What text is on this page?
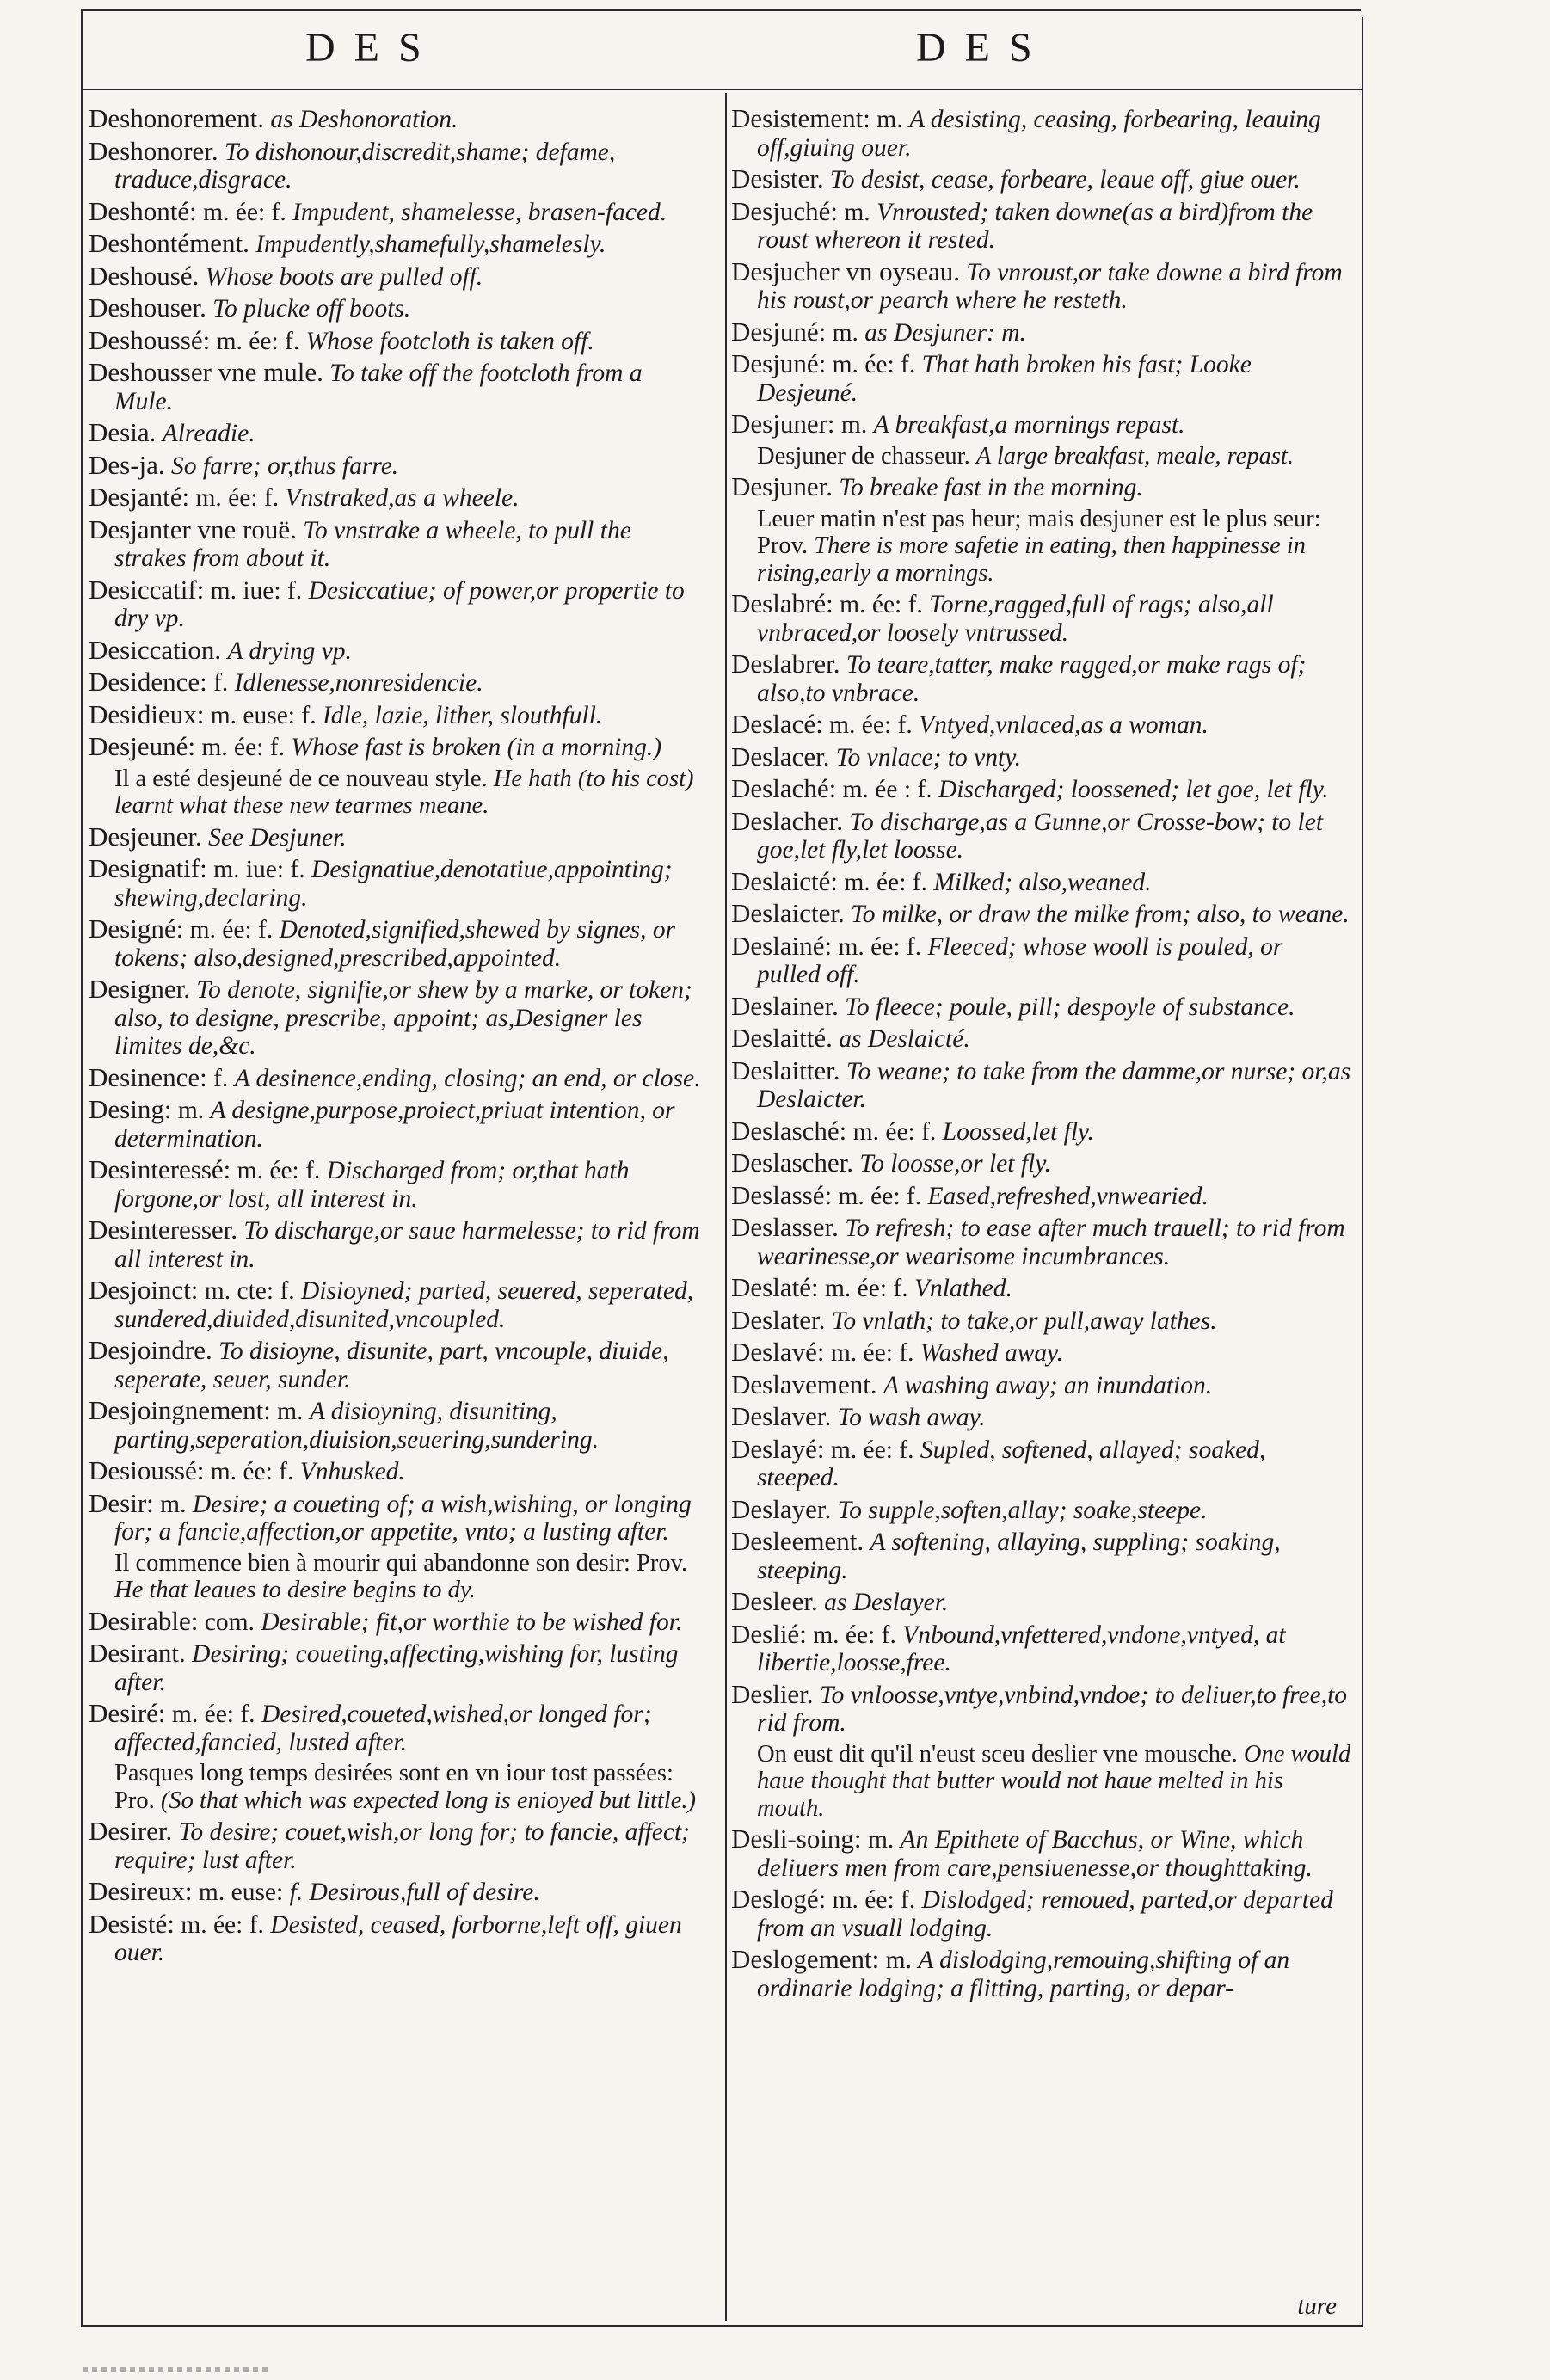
DES	DES
Deshonorement. as Deshonoration.
Deshonorer. To dishonour,discredit,shame; defame, traduce,disgrace.
Deshonté: m. ée: f. Impudent, shamelesse, brasen-faced.
Deshontément. Impudently,shamefully,shamelesly.
Deshousé. Whose boots are pulled off.
Deshouser. To plucke off boots.
Deshoussé: m. ée: f. Whose footcloth is taken off.
Deshousser vne mule. To take off the footcloth from a Mule.
Desia. Alreadie.
Des-ja. So farre; or,thus farre.
Desjanté: m. ée: f. Vnstraked,as a wheele.
Desjanter vne rouë. To vnstrake a wheele, to pull the strakes from about it.
Desiccatif: m. iue: f. Desiccatiue; of power,or propertie to dry vp.
Desiccation. A drying vp.
Desidence: f. Idlenesse,nonresidencie.
Desidieux: m. euse: f. Idle, lazie, lither, slouthfull.
Desjeuné: m. ée: f. Whose fast is broken (in a morning.)
Il a esté desjeuné de ce nouveau style. He hath (to his cost) learnt what these new tearmes meane.
Desjeuner. See Desjuner.
Designatif: m. iue: f. Designatiue,denotatiue,appointing; shewing,declaring.
Designé: m. ée: f. Denoted,signified,shewed by signes, or tokens; also,designed,prescribed,appointed.
Designer. To denote, signifie,or shew by a marke, or token; also, to designe, prescribe, appoint; as,Designer les limites de,&c.
Desinence: f. A desinence,ending, closing; an end, or close.
Desing: m. A designe,purpose,proiect,priuat intention, or determination.
Desinteressé: m. ée: f. Discharged from; or,that hath forgone,or lost, all interest in.
Desinteresser. To discharge,or saue harmelesse; to rid from all interest in.
Desjoinct: m. cte: f. Disioyned; parted, seuered, seperated, sundered,diuided,disunited,vncoupled.
Desjoindre. To disioyne, disunite, part, vncouple, diuide, seperate, seuer, sunder.
Desjoingnement: m. A disioyning, disuniting, parting,seperation,diuision,seuering,sundering.
Desioussé: m. ée: f. Vnhusked.
Desir: m. Desire; a coueting of; a wish,wishing, or longing for; a fancie,affection,or appetite, vnto; a lusting after.
Il commence bien à mourir qui abandonne son desir: Prov. He that leaues to desire begins to dy.
Desirable: com. Desirable; fit,or worthie to be wished for.
Desirant. Desiring; coueting,affecting,wishing for, lusting after.
Desiré: m. ée: f. Desired,coueted,wished,or longed for; affected,fancied, lusted after.
Pasques long temps desirées sont en vn iour tost passées: Pro. (So that which was expected long is enioyed but little.)
Desirer. To desire; couet,wish,or long for; to fancie, affect; require; lust after.
Desireux: m. euse: f. Desirous,full of desire.
Desisté: m. ée: f. Desisted, ceased, forborne,left off, giuen ouer.
Desistement: m. A desisting, ceasing, forbearing, leauing off,giuing ouer.
Desister. To desist, cease, forbeare, leaue off, giue ouer.
Desjuché: m. Vnrousted; taken downe(as a bird)from the roust whereon it rested.
Desjucher vn oyseau. To vnroust,or take downe a bird from his roust,or pearch where he resteth.
Desjuné: m. as Desjuner: m.
Desjuné: m. ée: f. That hath broken his fast; Looke Desjeuné.
Desjuner: m. A breakfast,a mornings repast.
Desjuner de chasseur. A large breakfast, meale, repast.
Desjuner. To breake fast in the morning.
Leuer matin n'est pas heur; mais desjuner est le plus seur: Prov. There is more safetie in eating, then happinesse in rising,early a mornings.
Deslabré: m. ée: f. Torne,ragged,full of rags; also,all vnbraced,or loosely vntrussed.
Deslabrer. To teare,tatter, make ragged,or make rags of; also,to vnbrace.
Deslacé: m. ée: f. Vntyed,vnlaced,as a woman.
Deslacer. To vnlace; to vnty.
Deslaché: m. ée : f. Discharged; loossened; let goe, let fly.
Deslacher. To discharge,as a Gunne,or Crosse-bow; to let goe,let fly,let loosse.
Deslaicté: m. ée: f. Milked; also,weaned.
Deslaicter. To milke, or draw the milke from; also, to weane.
Deslainé: m. ée: f. Fleeced; whose wooll is pouled, or pulled off.
Deslainer. To fleece; poule, pill; despoyle of substance.
Deslaitté. as Deslaicté.
Deslaitter. To weane; to take from the damme,or nurse; or,as Deslaicter.
Deslasché: m. ée: f. Loossed,let fly.
Deslascher. To loosse,or let fly.
Deslassé: m. ée: f. Eased,refreshed,vnwearied.
Deslasser. To refresh; to ease after much trauell; to rid from wearinesse,or wearisome incumbrances.
Deslaté: m. ée: f. Vnlathed.
Deslater. To vnlath; to take,or pull,away lathes.
Deslavé: m. ée: f. Washed away.
Deslavement. A washing away; an inundation.
Deslaver. To wash away.
Deslayé: m. ée: f. Supled, softened, allayed; soaked, steeped.
Deslayer. To supple,soften,allay; soake,steepe.
Desleement. A softening, allaying, suppling; soaking, steeping.
Desleer. as Deslayer.
Deslié: m. ée: f. Vnbound,vnfettered,vndone,vntyed, at libertie,loosse,free.
Deslier. To vnloosse,vntye,vnbind,vndoe; to deliuer,to free,to rid from.
On eust dit qu'il n'eust sceu deslier vne mousche. One would haue thought that butter would not haue melted in his mouth.
Desli-soing: m. An Epithete of Bacchus, or Wine, which deliuers men from care,pensiuenesse,or thoughttaking.
Deslogé: m. ée: f. Dislodged; remoued, parted,or departed from an vsuall lodging.
Deslogement: m. A dislodging,remouing,shifting of an ordinarie lodging; a flitting, parting, or depar-
ture
